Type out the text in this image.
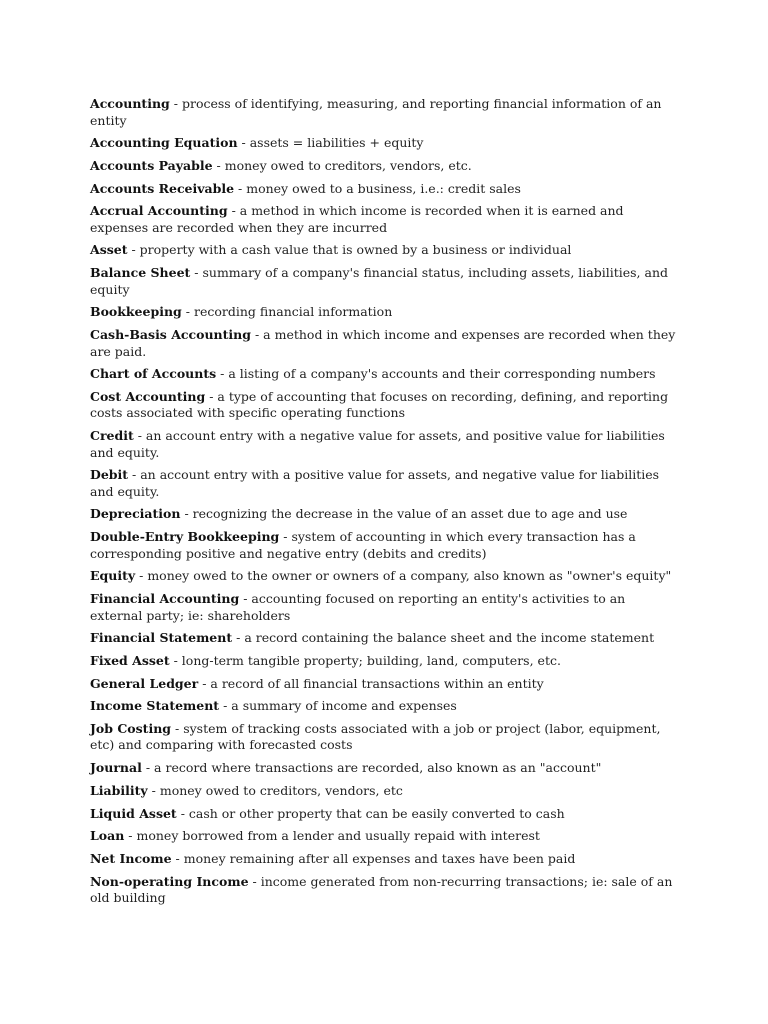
Accounting - process of identifying, measuring, and reporting financial information of an entity

Accounting Equation - assets = liabilities + equity

Accounts Payable - money owed to creditors, vendors, etc.

Accounts Receivable - money owed to a business, i.e.: credit sales

Accrual Accounting - a method in which income is recorded when it is earned and expenses are recorded when they are incurred

Asset - property with a cash value that is owned by a business or individual

Balance Sheet - summary of a company's financial status, including assets, liabilities, and equity

Bookkeeping - recording financial information

Cash-Basis Accounting - a method in which income and expenses are recorded when they are paid.

Chart of Accounts - a listing of a company's accounts and their corresponding numbers

Cost Accounting - a type of accounting that focuses on recording, defining, and reporting costs associated with specific operating functions

Credit - an account entry with a negative value for assets, and positive value for liabilities and equity.

Debit - an account entry with a positive value for assets, and negative value for liabilities and equity.

Depreciation - recognizing the decrease in the value of an asset due to age and use

Double-Entry Bookkeeping - system of accounting in which every transaction has a corresponding positive and negative entry (debits and credits)

Equity - money owed to the owner or owners of a company, also known as "owner's equity"

Financial Accounting - accounting focused on reporting an entity's activities to an external party; ie: shareholders

Financial Statement - a record containing the balance sheet and the income statement

Fixed Asset - long-term tangible property; building, land, computers, etc.

General Ledger - a record of all financial transactions within an entity

Income Statement - a summary of income and expenses

Job Costing - system of tracking costs associated with a job or project (labor, equipment, etc) and comparing with forecasted costs

Journal - a record where transactions are recorded, also known as an "account"

Liability - money owed to creditors, vendors, etc

Liquid Asset - cash or other property that can be easily converted to cash

Loan - money borrowed from a lender and usually repaid with interest

Net Income - money remaining after all expenses and taxes have been paid

Non-operating Income - income generated from non-recurring transactions; ie: sale of an old building
